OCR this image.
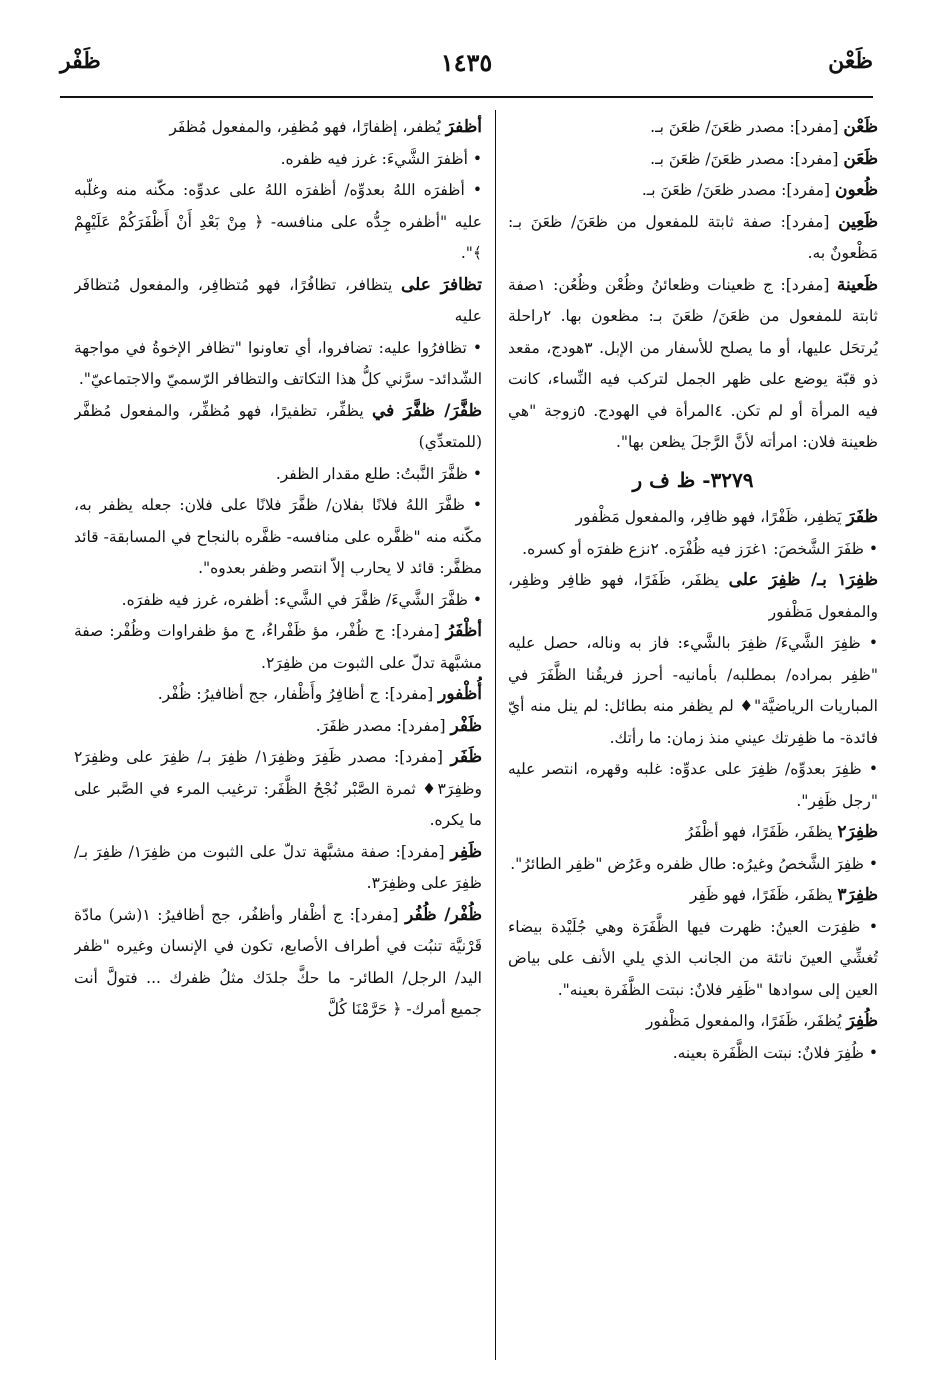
ظَعْن
١٤٣٥
ظَفْر

ظَعْن [مفرد]: مصدر ظعَنَ/ ظعَنَ بـ.

ظَعَن [مفرد]: مصدر ظعَنَ/ ظعَنَ بـ.

ظُعون [مفرد]: مصدر ظعَنَ/ ظعَنَ بـ.

ظَعِين [مفرد]: صفة ثابتة للمفعول من ظعَنَ/ ظعَنَ بـ: مَظْعونٌ به.

ظَعينة [مفرد]: ج ظعينات وظعائنُ وظُعْن وظُعُن: ١صفة ثابتة للمفعول من ظعَنَ/ ظعَنَ بـ: مظعون بها. ٢راحلة يُرتحَل عليها، أو ما يصلح للأسفار من الإبل. ٣هودج، مقعد ذو قبّة يوضع على ظهر الجمل لتركب فيه النِّساء، كانت فيه المرأة أو لم تكن. ٤المرأة في الهودج. ٥زوجة "هي ظعينة فلان: امرأته لأنَّ الرَّجلَ يظعن بها".

٣٢٧٩- ظ ف ر

ظفَرَ يَظفِر، ظَفْرًا، فهو ظافِر، والمفعول مَظْفور

• ظفَرَ الشَّخصَ: ١غرَز فيه ظُفْرَه. ٢نزع ظفرَه أو كسره.

ظفِرَ١ بـ/ ظفِرَ على يظفَر، ظَفَرًا، فهو ظافِر وظفِر، والمفعول مَظْفور

• ظفِرَ الشَّيءَ/ ظفِرَ بالشَّيء: فاز به وناله، حصل عليه "ظفِر بمراده/ بمطلبه/ بأمانيه- أحرز فريقُنا الظَّفَرَ في المباريات الرياضيَّة"♦ لم يظفر منه بطائل: لم ينل منه أيّ فائدة- ما ظفِرتك عيني منذ زمان: ما رأتك.

• ظفِرَ بعدوِّه/ ظفِرَ على عدوِّه: غلبه وقهره، انتصر عليه "رجل ظَفِر".

ظفِرَ٢ يظفَر، ظَفَرًا، فهو أظْفَرُ

• ظفِرَ الشَّخصُ وغيرُه: طال ظفره وعَرُض "ظفِر الطائرُ".

ظفِرَ٣ يظفَر، ظَفَرًا، فهو ظَفِر

• ظفِرَت العينُ: ظهرت فيها الظَّفَرَة وهي جُلَيْدة بيضاء تُغشِّي العينَ ناتئة من الجانب الذي يلي الأنف على بياض العين إلى سوادها "ظَفِر فلانٌ: نبتت الظَّفَرة بعينه".

ظُفِرَ يُظفَر، ظَفَرًا، والمفعول مَظْفور

• ظُفِرَ فلانٌ: نبتت الظَّفَرة بعينه.

أظفرَ يُظفر، إظفارًا، فهو مُظفِر، والمفعول مُظفَر

• أظفرَ الشَّيءَ: غرز فيه ظفره.

• أظفرَه اللهُ بعدوِّه/ أظفرَه اللهُ على عدوِّه: مكّنه منه وغلّبه عليه "أظفره جِدُّه على منافسه- ﴿ مِنْ بَعْدِ أَنْ أَظْفَرَكُمْ عَلَيْهِمْ ﴾".

تظافرَ على يتظافر، تظافُرًا، فهو مُتظافِر، والمفعول مُتظافَر عليه

• تظافرُوا عليه: تضافروا، أي تعاونوا "تظافر الإخوةُ في مواجهة الشّدائد- سرَّني كلُّ هذا التكاتف والتظافر الرّسميّ والاجتماعيّ".

ظفَّرَ/ ظفَّرَ في يظفِّر، تظفيرًا، فهو مُظفِّر، والمفعول مُظفَّر (للمتعدِّي)

• ظفَّرَ النَّبتُ: طلع مقدار الظفر.

• ظفَّرَ اللهُ فلانًا بفلان/ ظفَّرَ فلانًا على فلان: جعله يظفر به، مكّنه منه "ظفَّره على منافسه- ظفَّره بالنجاح في المسابقة- قائد مظفَّر: قائد لا يحارب إلاّ انتصر وظفر بعدوه".

• ظفَّرَ الشَّيءَ/ ظفَّرَ في الشَّيء: أظفره، غرز فيه ظفرَه.

أظْفَرُ [مفرد]: ج ظُفْر، مؤ ظَفْراءُ، ج مؤ ظفراوات وظُفْر: صفة مشبَّهة تدلّ على الثبوت من ظفِرَ٢.

أُظْفور [مفرد]: ج أظافِرُ وأَظْفار، جج أظافيرُ: ظُفْر.

ظَفْر [مفرد]: مصدر ظفَرَ.

ظَفَر [مفرد]: مصدر ظَفِرَ وظفِرَ١/ ظفِرَ بـ/ ظفِرَ على وظفِرَ٢ وظفِرَ٣♦ ثمرة الصَّبْر نُجْحُ الظَّفَر: ترغيب المرء في الصَّبر على ما يكره.

ظَفِر [مفرد]: صفة مشبَّهة تدلّ على الثبوت من ظفِرَ١/ ظفِرَ بـ/ ظفِرَ على وظفِرَ٣.

ظُفْر/ ظُفُر [مفرد]: ج أظْفار وأظفُر، جج أظافيرُ: ١(شر) مادّة قَرْنيَّة تنبُت في أطراف الأصابع، تكون في الإنسان وغيره "ظفر اليد/ الرجل/ الطائر- ما حكَّ جلدَك مثلُ ظفرك ... فتولَّ أنت جميع أمرك- ﴿ حَرَّمْنَا كُلَّ
